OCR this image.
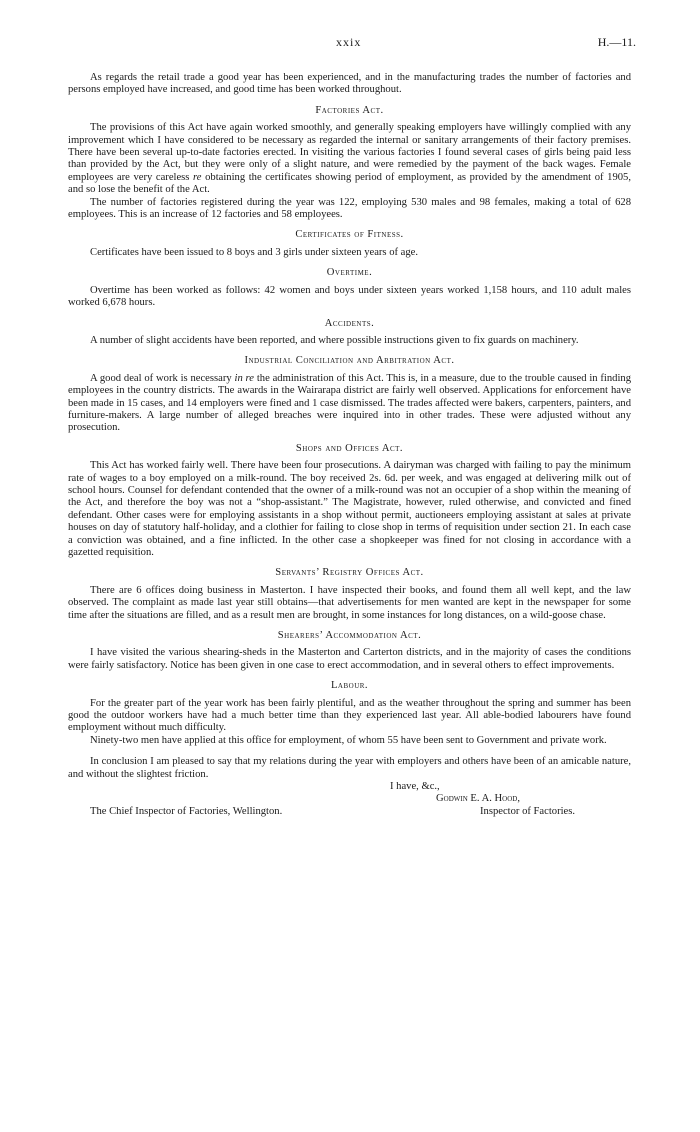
xxix	H.—11.

As regards the retail trade a good year has been experienced, and in the manufacturing trades the number of factories and persons employed have increased, and good time has been worked throughout.

Factories Act.

The provisions of this Act have again worked smoothly, and generally speaking employers have willingly complied with any improvement which I have considered to be necessary as regarded the internal or sanitary arrangements of their factory premises. There have been several up-to-date factories erected. In visiting the various factories I found several cases of girls being paid less than provided by the Act, but they were only of a slight nature, and were remedied by the payment of the back wages. Female employees are very careless re obtaining the certificates showing period of employment, as provided by the amendment of 1905, and so lose the benefit of the Act.

The number of factories registered during the year was 122, employing 530 males and 98 females, making a total of 628 employees. This is an increase of 12 factories and 58 employees.

Certificates of Fitness.

Certificates have been issued to 8 boys and 3 girls under sixteen years of age.

Overtime.

Overtime has been worked as follows: 42 women and boys under sixteen years worked 1,158 hours, and 110 adult males worked 6,678 hours.

Accidents.

A number of slight accidents have been reported, and where possible instructions given to fix guards on machinery.

Industrial Conciliation and Arbitration Act.

A good deal of work is necessary in re the administration of this Act. This is, in a measure, due to the trouble caused in finding employees in the country districts. The awards in the Wairarapa district are fairly well observed. Applications for enforcement have been made in 15 cases, and 14 employers were fined and 1 case dismissed. The trades affected were bakers, carpenters, painters, and furniture-makers. A large number of alleged breaches were inquired into in other trades. These were adjusted without any prosecution.

Shops and Offices Act.

This Act has worked fairly well. There have been four prosecutions. A dairyman was charged with failing to pay the minimum rate of wages to a boy employed on a milk-round. The boy received 2s. 6d. per week, and was engaged at delivering milk out of school hours. Counsel for defendant contended that the owner of a milk-round was not an occupier of a shop within the meaning of the Act, and therefore the boy was not a “shop-assistant.” The Magistrate, however, ruled otherwise, and convicted and fined defendant. Other cases were for employing assistants in a shop without permit, auctioneers employing assistant at sales at private houses on day of statutory half-holiday, and a clothier for failing to close shop in terms of requisition under section 21. In each case a conviction was obtained, and a fine inflicted. In the other case a shopkeeper was fined for not closing in accordance with a gazetted requisition.

Servants’ Registry Offices Act.

There are 6 offices doing business in Masterton. I have inspected their books, and found them all well kept, and the law observed. The complaint as made last year still obtains—that advertisements for men wanted are kept in the newspaper for some time after the situations are filled, and as a result men are brought, in some instances for long distances, on a wild-goose chase.

Shearers’ Accommodation Act.

I have visited the various shearing-sheds in the Masterton and Carterton districts, and in the majority of cases the conditions were fairly satisfactory. Notice has been given in one case to erect accommodation, and in several others to effect improvements.

Labour.

For the greater part of the year work has been fairly plentiful, and as the weather throughout the spring and summer has been good the outdoor workers have had a much better time than they experienced last year. All able-bodied labourers have found employment without much difficulty.

Ninety-two men have applied at this office for employment, of whom 55 have been sent to Government and private work.

In conclusion I am pleased to say that my relations during the year with employers and others have been of an amicable nature, and without the slightest friction.

I have, &c.,
Godwin E. A. Hood,
The Chief Inspector of Factories, Wellington.	Inspector of Factories.
